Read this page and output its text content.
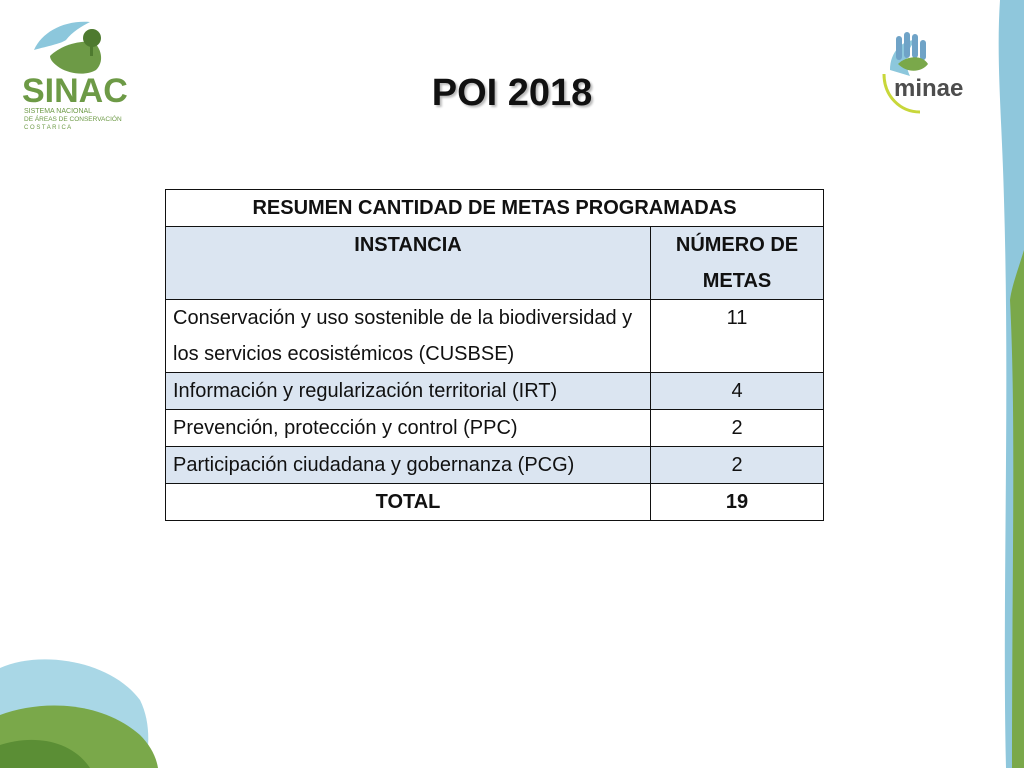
SINAC
SISTEMA NACIONAL
DE ÁREAS DE CONSERVACIÓN
C O S T A R I C A
minae
POI 2018
RESUMEN CANTIDAD DE METAS PROGRAMADAS	
INSTANCIA	NÚMERO DE METAS
Conservación y uso sostenible de la biodiversidad y los servicios ecosistémicos (CUSBSE)	11
Información y regularización territorial (IRT)	4
Prevención, protección y control (PPC)	2
Participación ciudadana y gobernanza (PCG)	2
TOTAL	19
